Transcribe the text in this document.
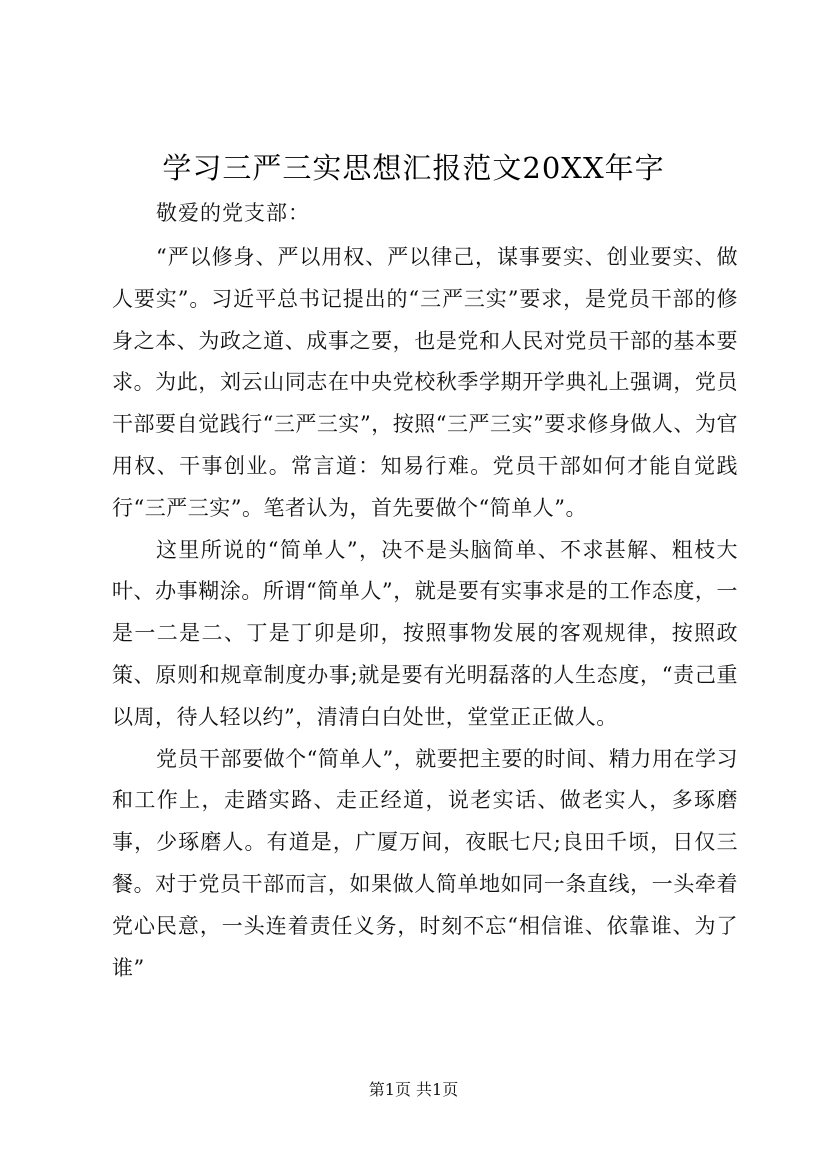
学习三严三实思想汇报范文20XX年字
敬爱的党支部：

“严以修身、严以用权、严以律己，谋事要实、创业要实、做人要实”。习近平总书记提出的“三严三实”要求，是党员干部的修身之本、为政之道、成事之要，也是党和人民对党员干部的基本要求。为此，刘云山同志在中央党校秋季学期开学典礼上强调，党员干部要自觉践行“三严三实”，按照“三严三实”要求修身做人、为官用权、干事创业。常言道：知易行难。党员干部如何才能自觉践行“三严三实”。笔者认为，首先要做个“简单人”。

这里所说的“简单人”，决不是头脑简单、不求甚解、粗枝大叶、办事糊涂。所谓“简单人”，就是要有实事求是的工作态度，一是一二是二、丁是丁卯是卯，按照事物发展的客观规律，按照政策、原则和规章制度办事;就是要有光明磊落的人生态度，“责己重以周，待人轻以约”，清清白白处世，堂堂正正做人。

党员干部要做个“简单人”，就要把主要的时间、精力用在学习和工作上，走踏实路、走正经道，说老实话、做老实人，多琢磨事，少琢磨人。有道是，广厦万间，夜眠七尺;良田千顷，日仅三餐。对于党员干部而言，如果做人简单地如同一条直线，一头牵着党心民意，一头连着责任义务，时刻不忘“相信谁、依靠谁、为了谁”

第1页 共1页
